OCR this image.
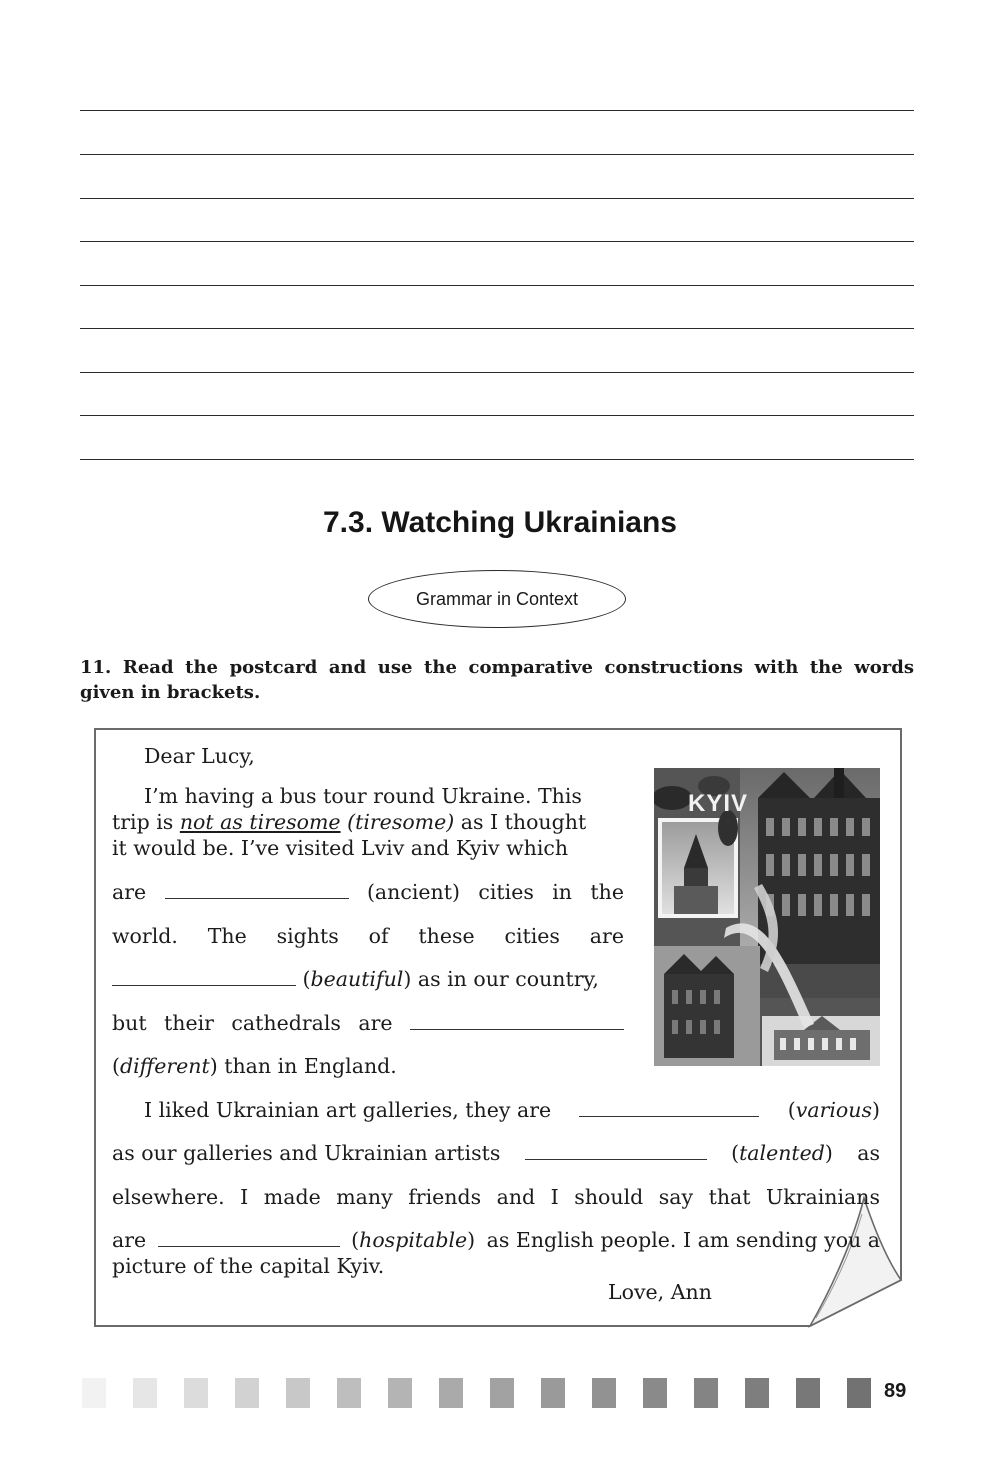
7.3. Watching Ukrainians
Grammar in Context

11. Read the postcard and use the comparative constructions with the words
given in brackets.

Dear Lucy,
I’m having a bus tour round Ukraine. This
trip is not as tiresome (tiresome) as I thought
it would be. I’ve visited Lviv and Kyiv which
are	(ancient) cities in the
world. The sights of these cities are
(beautiful) as in our country,
but their cathedrals are
(different) than in England.
I liked Ukrainian art galleries, they are	(various)
as our galleries and Ukrainian artists	(talented) as
elsewhere. I made many friends and I should say that Ukrainians
are	(hospitable) as English people. I am sending you a
picture of the capital Kyiv.
Love, Ann
KYIV
89
